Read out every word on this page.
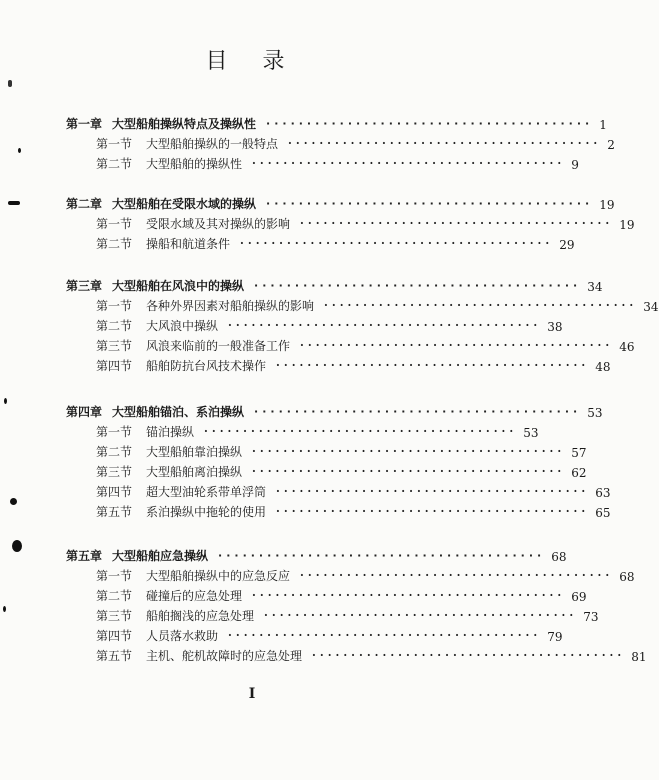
目 录
第一章 大型船舶操纵特点及操纵性 ········································ 1
第一节 大型船舶操纵的一般特点 ········································ 2
第二节 大型船舶的操纵性 ········································ 9
第二章 大型船舶在受限水域的操纵 ········································ 19
第一节 受限水域及其对操纵的影响 ········································ 19
第二节 操船和航道条件 ········································ 29
第三章 大型船舶在风浪中的操纵 ········································ 34
第一节 各种外界因素对船舶操纵的影响 ········································ 34
第二节 大风浪中操纵 ········································ 38
第三节 风浪来临前的一般准备工作 ········································ 46
第四节 船舶防抗台风技术操作 ········································ 48
第四章 大型船舶锚泊、系泊操纵 ········································ 53
第一节 锚泊操纵 ········································ 53
第二节 大型船舶靠泊操纵 ········································ 57
第三节 大型船舶离泊操纵 ········································ 62
第四节 超大型油轮系带单浮筒 ········································ 63
第五节 系泊操纵中拖轮的使用 ········································ 65
第五章 大型船舶应急操纵 ········································ 68
第一节 大型船舶操纵中的应急反应 ········································ 68
第二节 碰撞后的应急处理 ········································ 69
第三节 船舶搁浅的应急处理 ········································ 73
第四节 人员落水救助 ········································ 79
第五节 主机、舵机故障时的应急处理 ········································ 81
I
